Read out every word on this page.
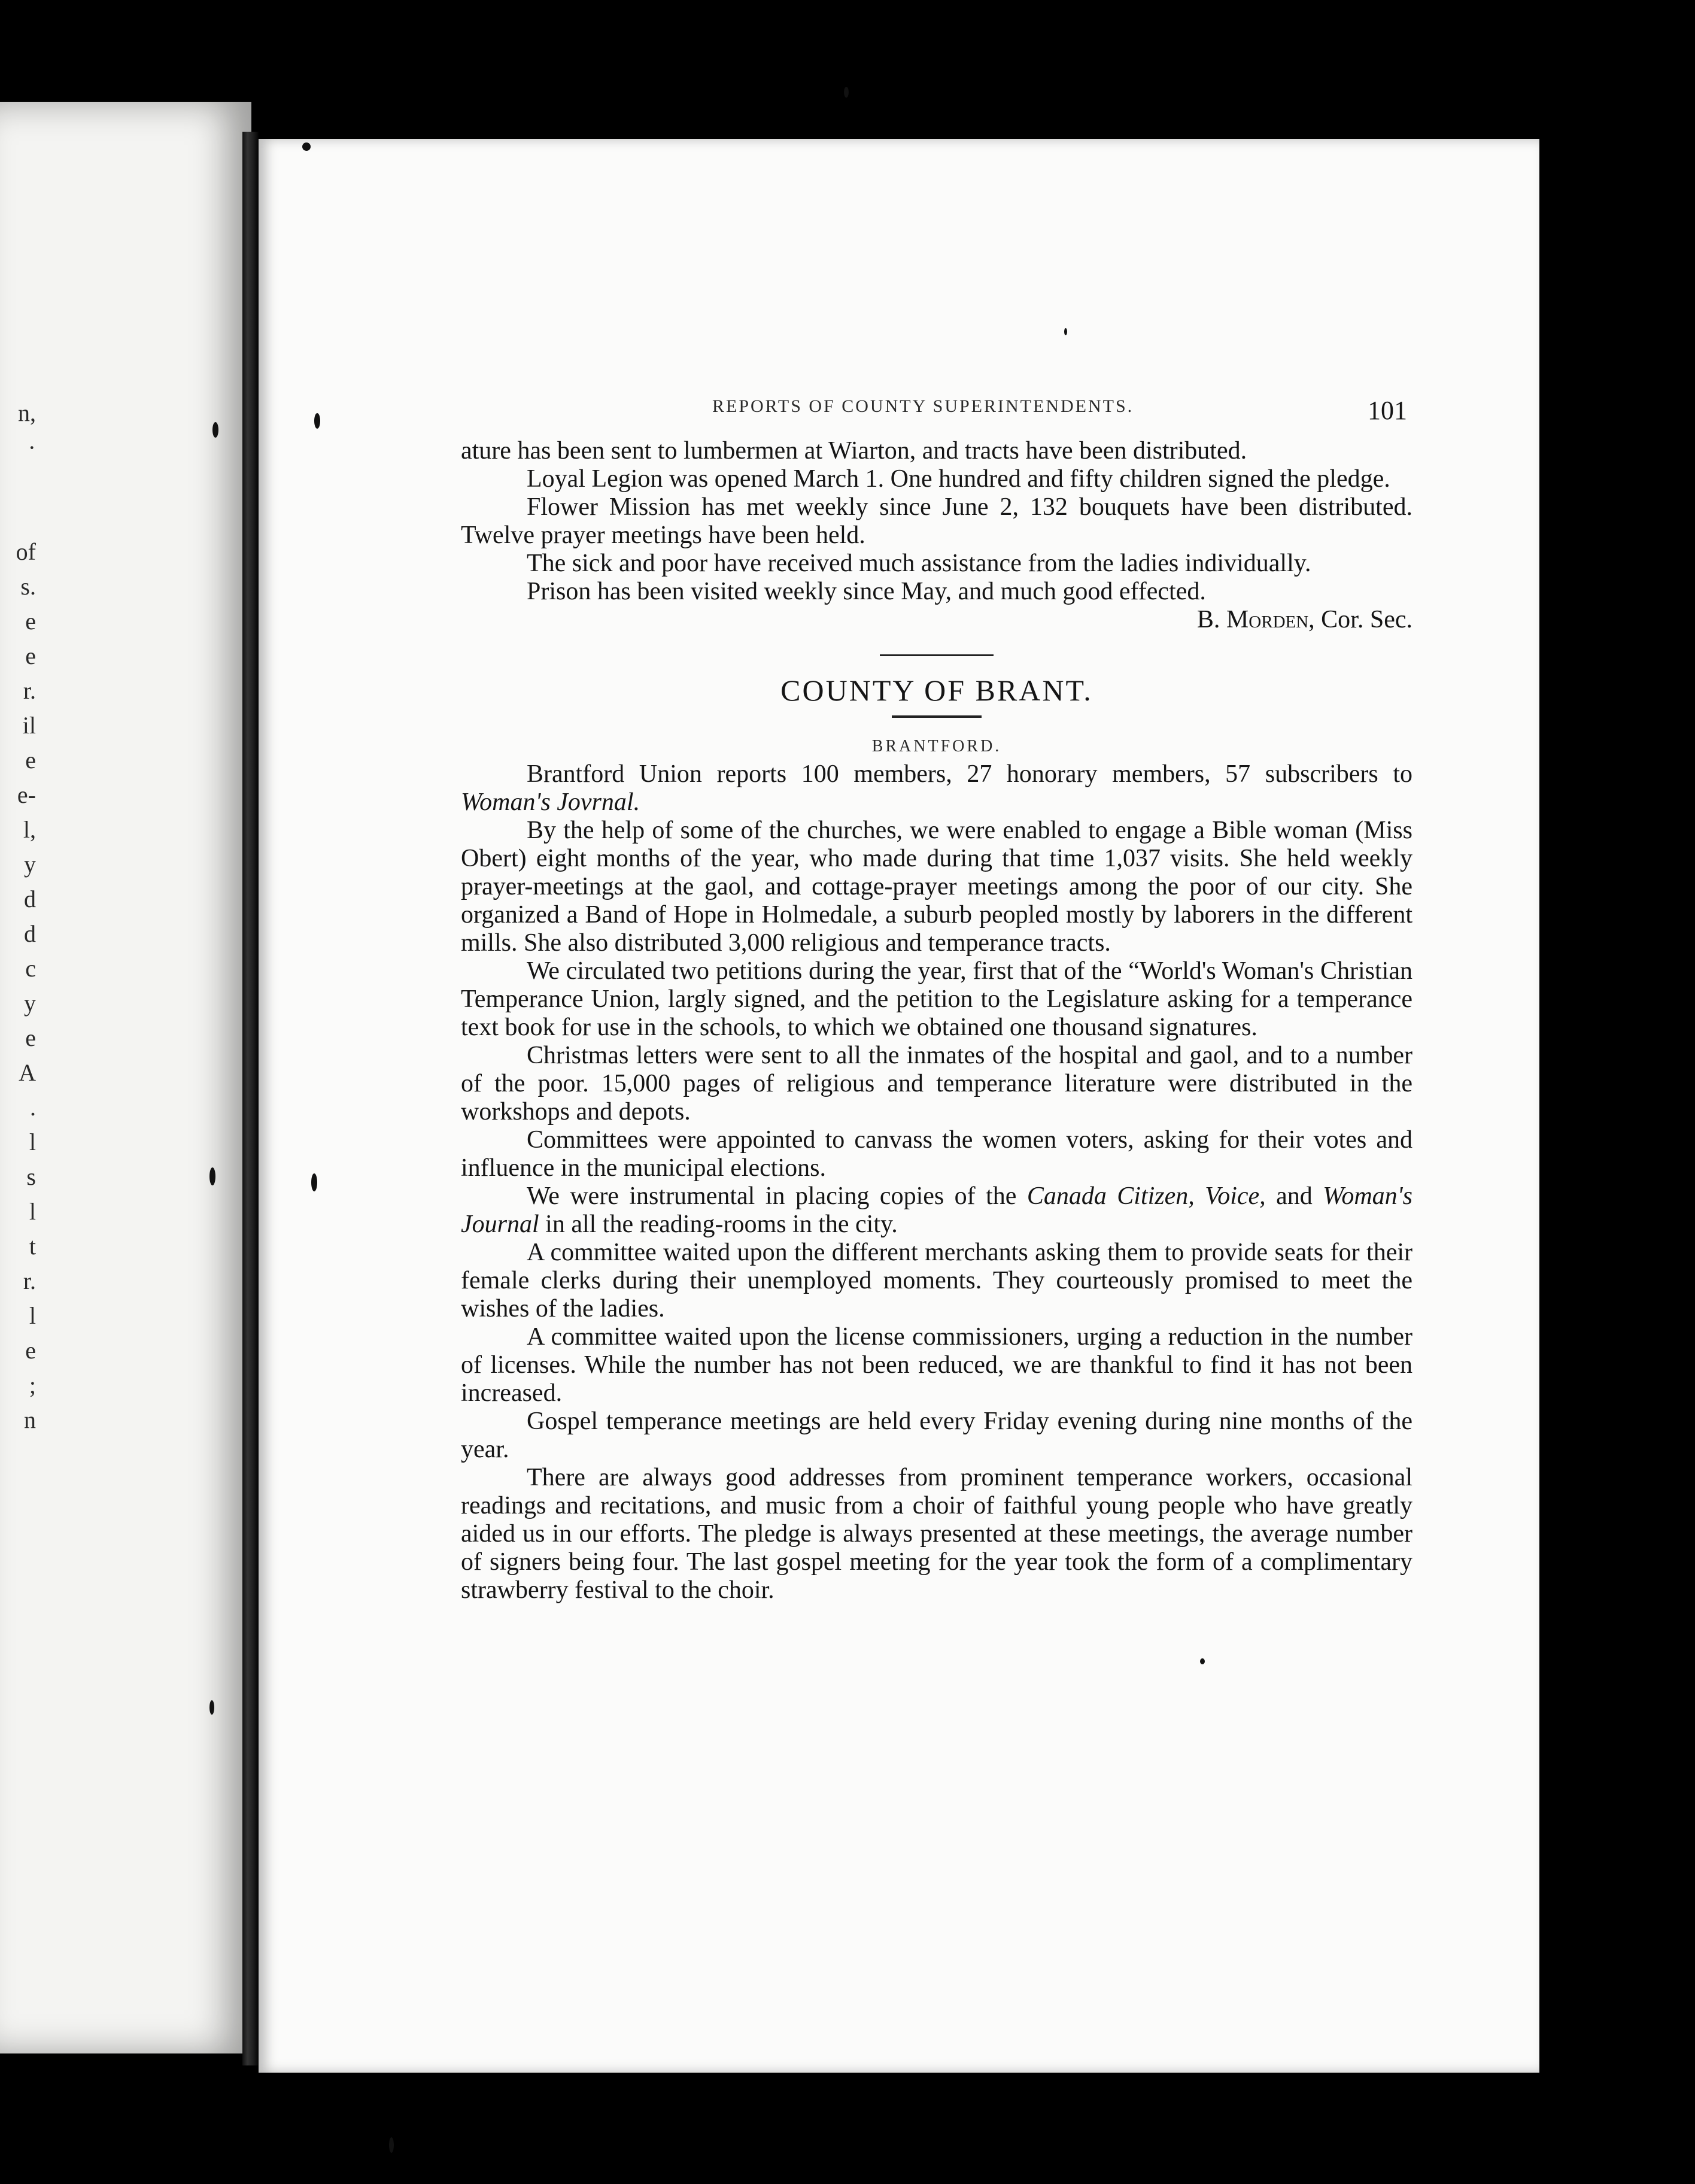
n,
·
of
s.
e
e
r.
il
e
e-
l,
y
d
d
c
y
e
A
.
l
s
l
t
r.
l
e
;
n
REPORTS OF COUNTY SUPERINTENDENTS.	101

ature has been sent to lumbermen at Wiarton, and tracts have been distributed.

Loyal Legion was opened March 1. One hundred and fifty children signed the pledge.

Flower Mission has met weekly since June 2, 132 bouquets have been distributed. Twelve prayer meetings have been held.

The sick and poor have received much assistance from the ladies individually.

Prison has been visited weekly since May, and much good effected.

B. Morden, Cor. Sec.

COUNTY OF BRANT.

BRANTFORD.

Brantford Union reports 100 members, 27 honorary members, 57 subscribers to Woman's Jovrnal.

By the help of some of the churches, we were enabled to engage a Bible woman (Miss Obert) eight months of the year, who made during that time 1,037 visits. She held weekly prayer-meetings at the gaol, and cottage-prayer meetings among the poor of our city. She organized a Band of Hope in Holmedale, a suburb peopled mostly by laborers in the different mills. She also distributed 3,000 religious and temperance tracts.

We circulated two petitions during the year, first that of the “World's Woman's Christian Temperance Union, largly signed, and the petition to the Legislature asking for a temperance text book for use in the schools, to which we obtained one thousand signatures.

Christmas letters were sent to all the inmates of the hospital and gaol, and to a number of the poor. 15,000 pages of religious and temperance literature were distributed in the workshops and depots.

Committees were appointed to canvass the women voters, asking for their votes and influence in the municipal elections.

We were instrumental in placing copies of the Canada Citizen, Voice, and Woman's Journal in all the reading-rooms in the city.

A committee waited upon the different merchants asking them to provide seats for their female clerks during their unemployed moments. They courteously promised to meet the wishes of the ladies.

A committee waited upon the license commissioners, urging a reduction in the number of licenses. While the number has not been reduced, we are thankful to find it has not been increased.

Gospel temperance meetings are held every Friday evening during nine months of the year.

There are always good addresses from prominent temperance workers, occasional readings and recitations, and music from a choir of faithful young people who have greatly aided us in our efforts. The pledge is always presented at these meetings, the average number of signers being four. The last gospel meeting for the year took the form of a complimentary strawberry festival to the choir.
